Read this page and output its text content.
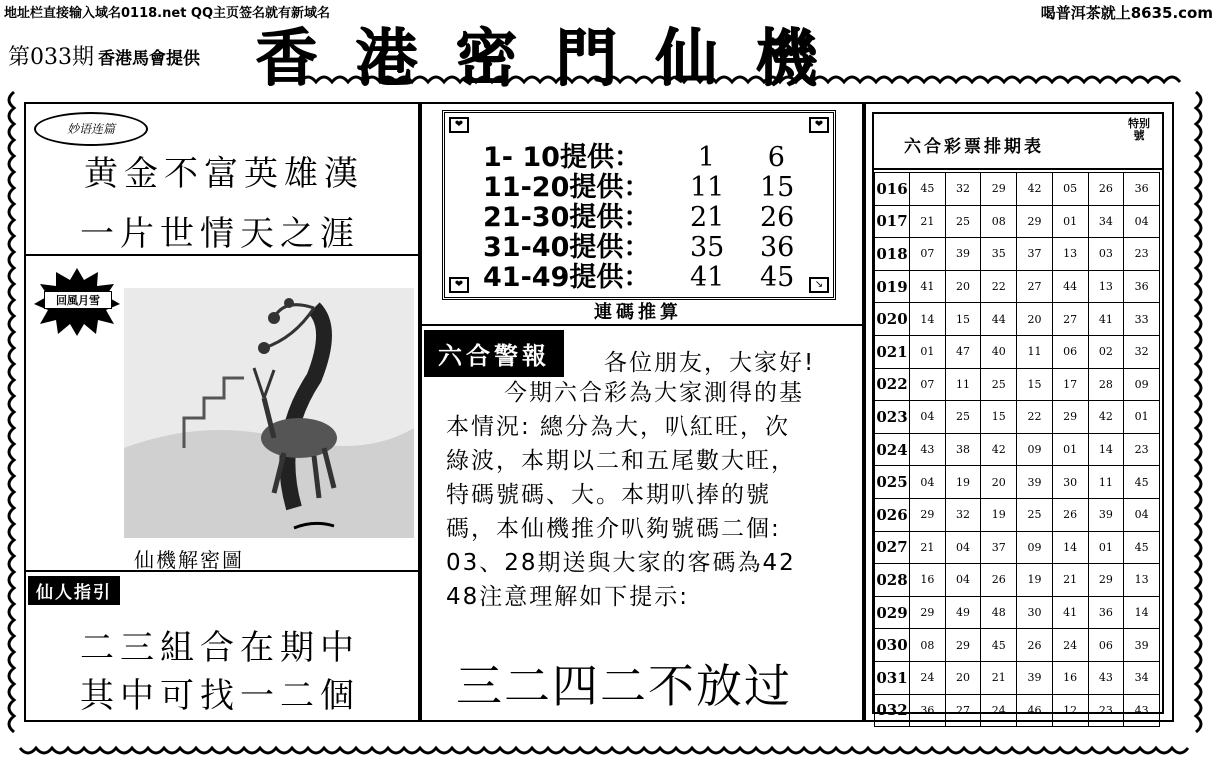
地址栏直接输入域名0118.net QQ主页签名就有新域名	喝普洱茶就上8635.com
第033期 香港馬會提供 香港密門仙機
妙语连篇
黄金不富英雄漢
一片世情天之涯
回風月雪
仙機解密圖
仙人指引
二三組合在期中
其中可找一二個
❤	❤
❤	↘
1- 10提供： 1 6
11-20提供： 11 15
21-30提供： 21 26
31-40提供： 35 36
41-49提供： 41 45
連碼推算
六合警報	各位朋友，大家好!
今期六合彩為大家測得的基
本情況: 總分為大，叭紅旺，次
綠波，本期以二和五尾數大旺，
特碼號碼、大。本期叭捧的號
碼，本仙機推介叭夠號碼二個:
03、28期送與大家的客碼為42
48注意理解如下提示:
三二四二不放过
六合彩票排期表
特别號
016	45	32	29	42	05	26	36
017	21	25	08	29	01	34	04
018	07	39	35	37	13	03	23
019	41	20	22	27	44	13	36
020	14	15	44	20	27	41	33
021	01	47	40	11	06	02	32
022	07	11	25	15	17	28	09
023	04	25	15	22	29	42	01
024	43	38	42	09	01	14	23
025	04	19	20	39	30	11	45
026	29	32	19	25	26	39	04
027	21	04	37	09	14	01	45
028	16	04	26	19	21	29	13
029	29	49	48	30	41	36	14
030	08	29	45	26	24	06	39
031	24	20	21	39	16	43	34
032	36	27	24	46	12	23	43
